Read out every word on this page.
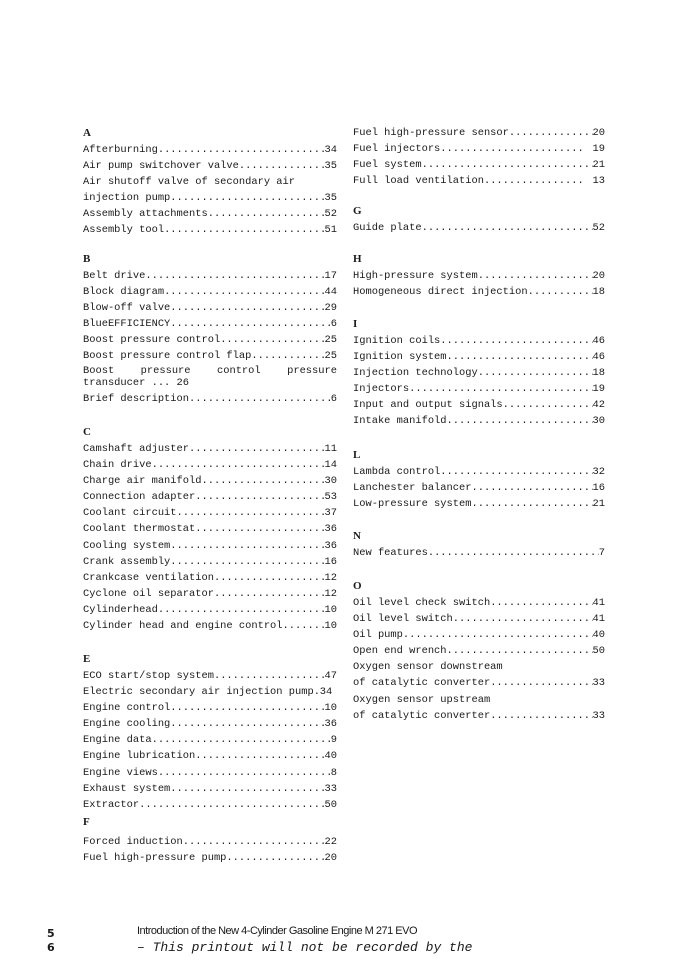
A
Afterburning .....	34
Air pump switchover valve .....	35
Air shutoff valve of secondary air
injection pump .....	35
Assembly attachments .....	52
Assembly tool .....	51
B
Belt drive .....	17
Block diagram .....	44
Blow-off valve .....	29
BlueEFFICIENCY .....	6
Boost pressure control .....	25
Boost pressure control flap .....	25
Boost pressure control pressure
transducer ... 26
Brief description .....	6
C
Camshaft adjuster .....	11
Chain drive .....	14
Charge air manifold .....	30
Connection adapter .....	53
Coolant circuit .....	37
Coolant thermostat .....	36
Cooling system .....	36
Crank assembly .....	16
Crankcase ventilation .....	12
Cyclone oil separator .....	12
Cylinderhead .....	10
Cylinder head and engine control .....	10
E
ECO start/stop system .....	47
Electric secondary air injection pump ..... 34
Engine control .....	10
Engine cooling .....	36
Engine data .....	9
Engine lubrication .....	40
Engine views .....	8
Exhaust system .....	33
Extractor .....	50
F
Forced induction .....	22
Fuel high-pressure pump .....	20
Fuel high-pressure sensor .....	20
Fuel injectors .....	19
Fuel system .....	21
Full load ventilation .....	13
G
Guide plate .....	52
H
High-pressure system .....	20
Homogeneous direct injection .....	18
I
Ignition coils .....	46
Ignition system .....	46
Injection technology .....	18
Injectors .....	19
Input and output signals .....	42
Intake manifold .....	30
L
Lambda control .....	32
Lanchester balancer .....	16
Low-pressure system .....	21
N
New features .....	7
O
Oil level check switch .....	41
Oil level switch .....	41
Oil pump .....	40
Open end wrench .....	50
Oxygen sensor downstream
of catalytic converter .....	33
Oxygen sensor upstream
of catalytic converter .....	33
5
6
Introduction of the New 4-Cylinder Gasoline Engine M 271 EVO
– This printout will not be recorded by the
